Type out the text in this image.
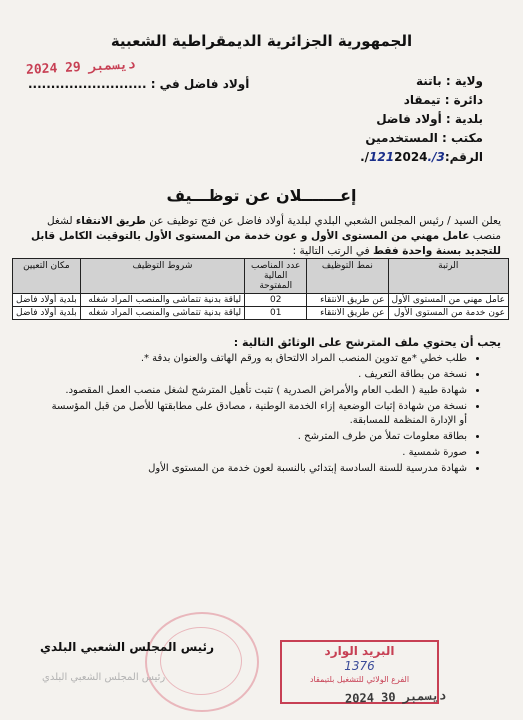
الجمهورية الجزائرية الديمقراطية الشعبية
2024 ديسمبر 29
أولاد فاضل في : ..........................	ولاية : باتنة
دائرة : تيمقاد
بلدية : أولاد فاضل
مكتب : المستخدمين
الرقم:3/.1212024/.
إعـــــــلان عن توظـــيف
يعلن السيد / رئيس المجلس الشعبي البلدي لبلدية أولاد فاضل عن فتح توظيف عن طريق الانتقاء لشغل منصب عامل مهني من المستوى الأول و عون خدمة من المستوى الأول بالتوقيت الكامل قابل للتجديد بسنة واحدة فقط في الرتب التالية :
الرتبة	نمط التوظيف	عدد المناصب المالية المفتوحة	شروط التوظيف	مكان التعيين
عامل مهني من المستوى الأول	عن طريق الانتقاء	02	لياقة بدنية تتماشى والمنصب المراد شغله	بلدية أولاد فاضل
عون خدمة من المستوى الأول	عن طريق الانتقاء	01	لياقة بدنية تتماشى والمنصب المراد شغله	بلدية أولاد فاضل
يجب أن يحتوي ملف المترشح على الوثائق التالية :
• طلب خطي *مع تدوين المنصب المراد الالتحاق به ورقم الهاتف والعنوان بدقة *.
• نسخة من بطاقة التعريف .
• شهادة طبية ( الطب العام والأمراض الصدرية ) تثبت تأهيل المترشح لشغل منصب العمل المقصود.
• نسخة من شهادة إثبات الوضعية إزاء الخدمة الوطنية ، مصادق على مطابقتها للأصل من قبل المؤسسة أو الإدارة المنظمة للمسابقة.
• بطاقة معلومات تملأ من طرف المترشح .
• صورة شمسية .
• شهادة مدرسية للسنة السادسة إبتدائي بالنسبة لعون خدمة من المستوى الأول
رئيس المجلس الشعبي البلدي
رئيس المجلس الشعبي البلدي
البريد الوارد
1376
الفرع الولائي للتشغيل بلتيمقاد
2024 ديسمبر 30
